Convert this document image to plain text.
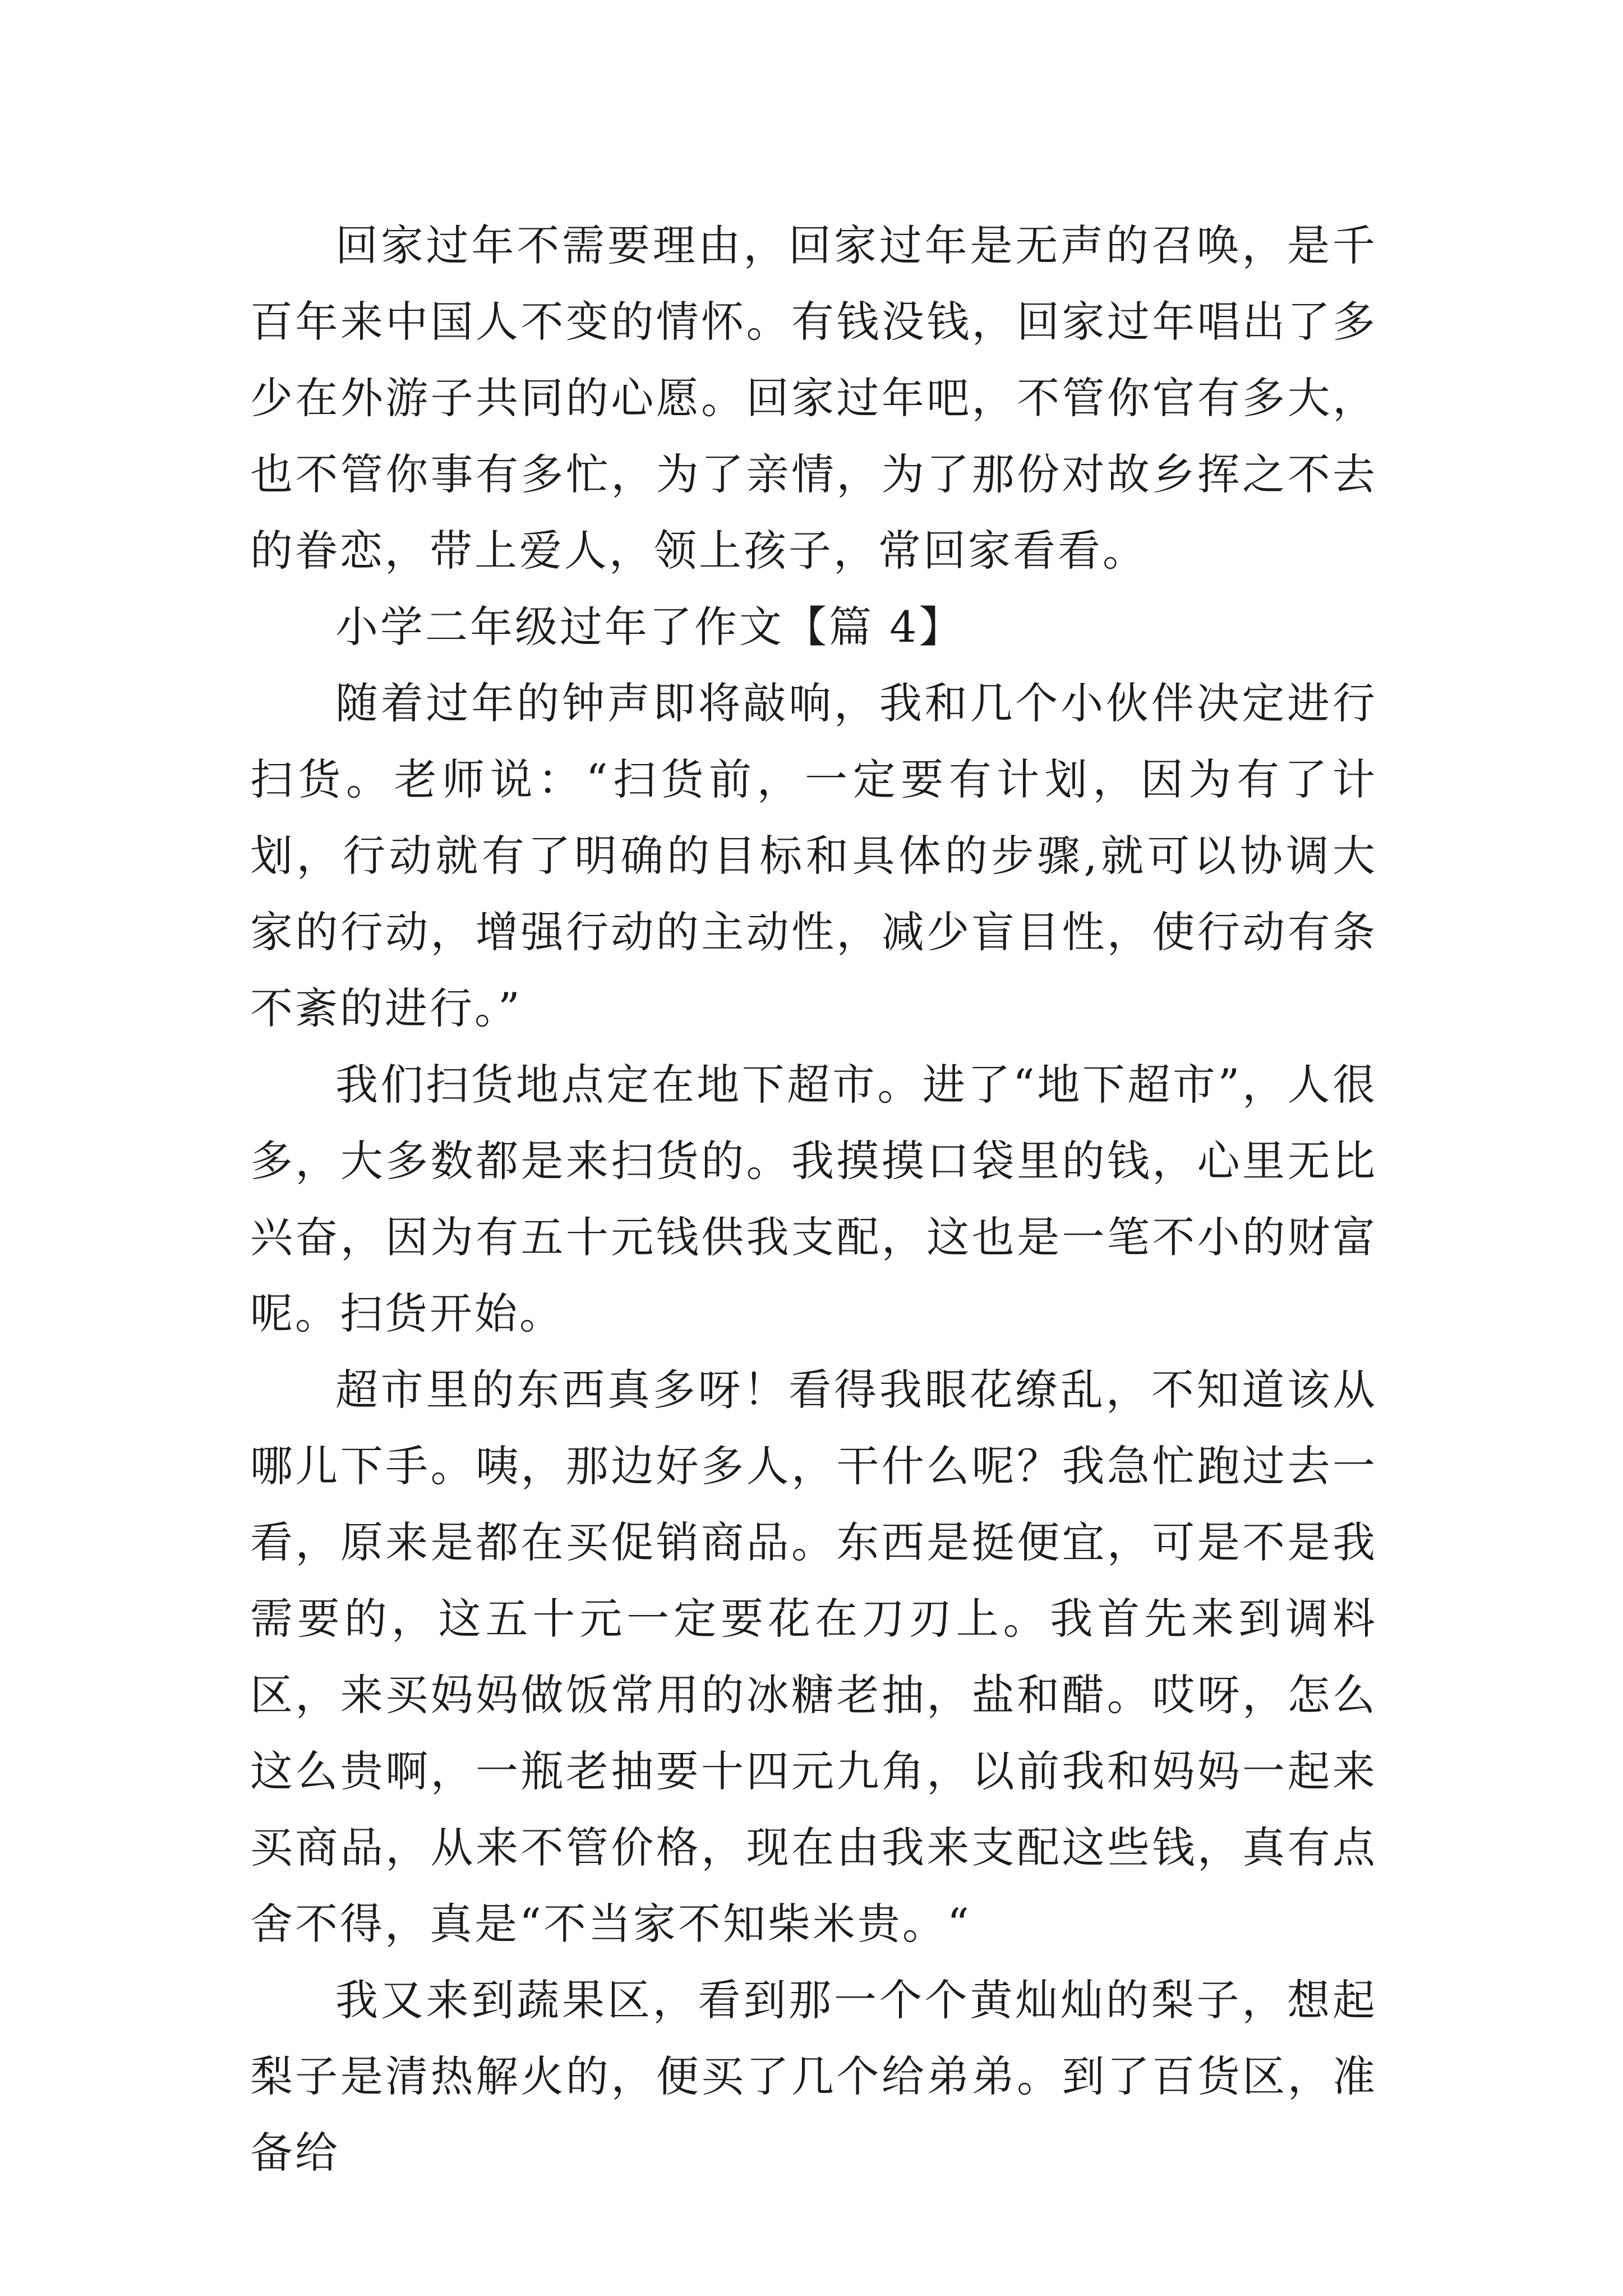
回家过年不需要理由，回家过年是无声的召唤，是千百年来中国人不变的情怀。有钱没钱，回家过年唱出了多少在外游子共同的心愿。回家过年吧，不管你官有多大，也不管你事有多忙，为了亲情，为了那份对故乡挥之不去的眷恋，带上爱人，领上孩子，常回家看看。

小学二年级过年了作文【篇 4】

随着过年的钟声即将敲响，我和几个小伙伴决定进行扫货。老师说：“扫货前，一定要有计划，因为有了计划，行动就有了明确的目标和具体的步骤,就可以协调大家的行动，增强行动的主动性，减少盲目性，使行动有条不紊的进行。”

我们扫货地点定在地下超市。进了“地下超市”，人很多，大多数都是来扫货的。我摸摸口袋里的钱，心里无比兴奋，因为有五十元钱供我支配，这也是一笔不小的财富呢。扫货开始。

超市里的东西真多呀！看得我眼花缭乱，不知道该从哪儿下手。咦，那边好多人，干什么呢？我急忙跑过去一看，原来是都在买促销商品。东西是挺便宜，可是不是我需要的，这五十元一定要花在刀刃上。我首先来到调料区，来买妈妈做饭常用的冰糖老抽，盐和醋。哎呀，怎么这么贵啊，一瓶老抽要十四元九角，以前我和妈妈一起来买商品，从来不管价格，现在由我来支配这些钱，真有点舍不得，真是“不当家不知柴米贵。“

我又来到蔬果区，看到那一个个黄灿灿的梨子，想起梨子是清热解火的，便买了几个给弟弟。到了百货区，准备给
